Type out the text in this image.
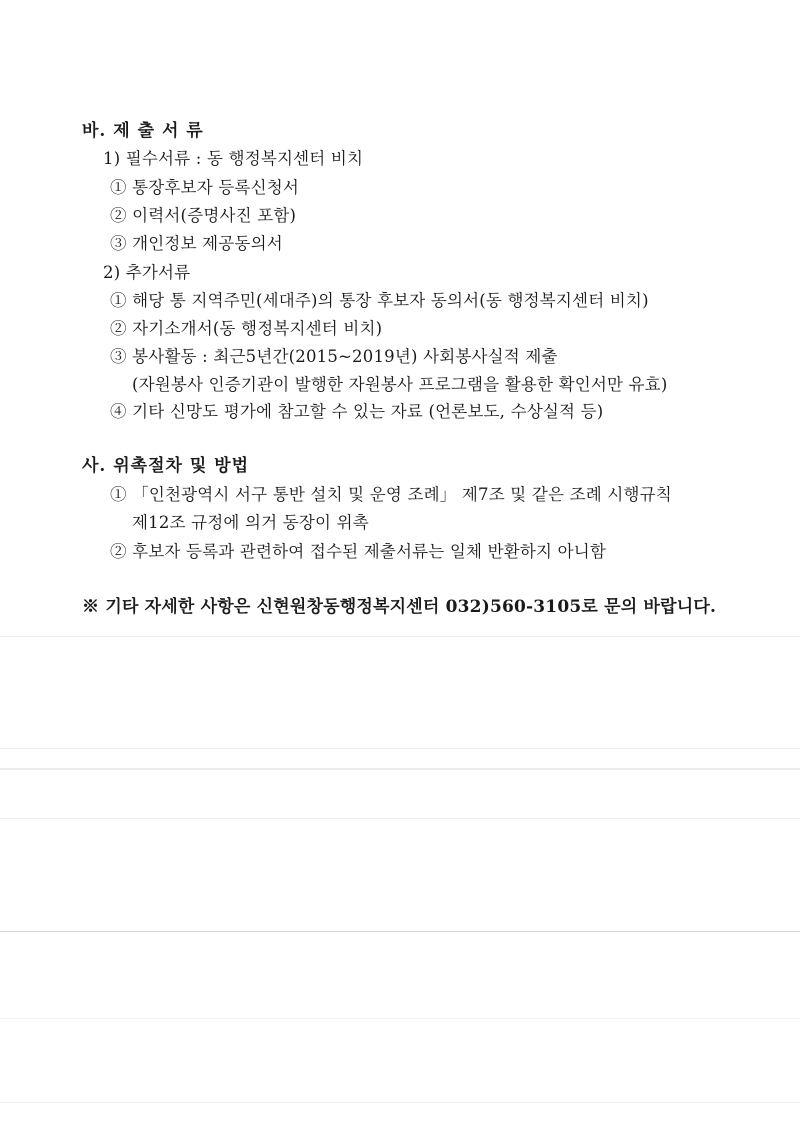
바. 제 출 서 류
1) 필수서류 : 동 행정복지센터 비치
① 통장후보자 등록신청서
② 이력서(증명사진 포함)
③ 개인정보 제공동의서
2) 추가서류
① 해당 통 지역주민(세대주)의 통장 후보자 동의서(동 행정복지센터 비치)
② 자기소개서(동 행정복지센터 비치)
③ 봉사활동 : 최근5년간(2015~2019년) 사회봉사실적 제출
(자원봉사 인증기관이 발행한 자원봉사 프로그램을 활용한 확인서만 유효)
④ 기타 신망도 평가에 참고할 수 있는 자료 (언론보도, 수상실적 등)
사. 위촉절차 및 방법
① 「인천광역시 서구 통반 설치 및 운영 조례」 제7조 및 같은 조례 시행규칙
제12조 규정에 의거 동장이 위촉
② 후보자 등록과 관련하여 접수된 제출서류는 일체 반환하지 아니함
※ 기타 자세한 사항은 신현원창동행정복지센터 032)560-3105로 문의 바랍니다.
